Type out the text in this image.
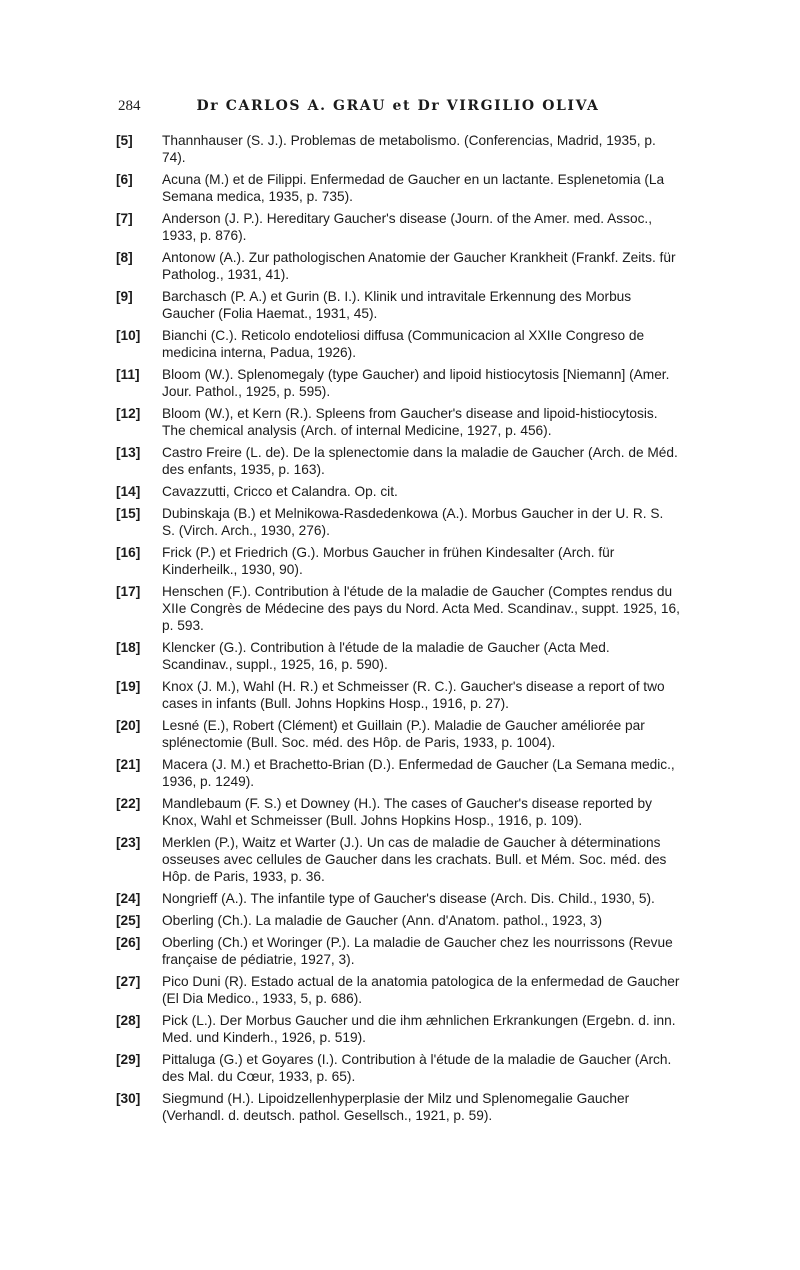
284	Dr CARLOS A. GRAU et Dr VIRGILIO OLIVA
[5] Thannhauser (S. J.). Problemas de metabolismo. (Conferencias, Madrid, 1935, p. 74).
[6] Acuna (M.) et de Filippi. Enfermedad de Gaucher en un lactante. Esplenetomia (La Semana medica, 1935, p. 735).
[7] Anderson (J. P.). Hereditary Gaucher's disease (Journ. of the Amer. med. Assoc., 1933, p. 876).
[8] Antonow (A.). Zur pathologischen Anatomie der Gaucher Krankheit (Frankf. Zeits. für Patholog., 1931, 41).
[9] Barchasch (P. A.) et Gurin (B. I.). Klinik und intravitale Erkennung des Morbus Gaucher (Folia Haemat., 1931, 45).
[10] Bianchi (C.). Reticolo endoteliosi diffusa (Communicacion al XXIIe Congreso de medicina interna, Padua, 1926).
[11] Bloom (W.). Splenomegaly (type Gaucher) and lipoid histiocytosis [Niemann] (Amer. Jour. Pathol., 1925, p. 595).
[12] Bloom (W.), et Kern (R.). Spleens from Gaucher's disease and lipoid-histiocytosis. The chemical analysis (Arch. of internal Medicine, 1927, p. 456).
[13] Castro Freire (L. de). De la splenectomie dans la maladie de Gaucher (Arch. de Méd. des enfants, 1935, p. 163).
[14] Cavazzutti, Cricco et Calandra. Op. cit.
[15] Dubinskaja (B.) et Melnikowa-Rasdedenkowa (A.). Morbus Gaucher in der U. R. S. S. (Virch. Arch., 1930, 276).
[16] Frick (P.) et Friedrich (G.). Morbus Gaucher in frühen Kindesalter (Arch. für Kinderheilk., 1930, 90).
[17] Henschen (F.). Contribution à l'étude de la maladie de Gaucher (Comptes rendus du XIIe Congrès de Médecine des pays du Nord. Acta Med. Scandinav., suppt. 1925, 16, p. 593.
[18] Klencker (G.). Contribution à l'étude de la maladie de Gaucher (Acta Med. Scandinav., suppl., 1925, 16, p. 590).
[19] Knox (J. M.), Wahl (H. R.) et Schmeisser (R. C.). Gaucher's disease a report of two cases in infants (Bull. Johns Hopkins Hosp., 1916, p. 27).
[20] Lesné (E.), Robert (Clément) et Guillain (P.). Maladie de Gaucher améliorée par splénectomie (Bull. Soc. méd. des Hôp. de Paris, 1933, p. 1004).
[21] Macera (J. M.) et Brachetto-Brian (D.). Enfermedad de Gaucher (La Semana medic., 1936, p. 1249).
[22] Mandlebaum (F. S.) et Downey (H.). The cases of Gaucher's disease reported by Knox, Wahl et Schmeisser (Bull. Johns Hopkins Hosp., 1916, p. 109).
[23] Merklen (P.), Waitz et Warter (J.). Un cas de maladie de Gaucher à déterminations osseuses avec cellules de Gaucher dans les crachats. Bull. et Mém. Soc. méd. des Hôp. de Paris, 1933, p. 36.
[24] Nongrieff (A.). The infantile type of Gaucher's disease (Arch. Dis. Child., 1930, 5).
[25] Oberling (Ch.). La maladie de Gaucher (Ann. d'Anatom. pathol., 1923, 3)
[26] Oberling (Ch.) et Woringer (P.). La maladie de Gaucher chez les nourrissons (Revue française de pédiatrie, 1927, 3).
[27] Pico Duni (R). Estado actual de la anatomia patologica de la enfermedad de Gaucher (El Dia Medico., 1933, 5, p. 686).
[28] Pick (L.). Der Morbus Gaucher und die ihm æhnlichen Erkrankungen (Ergebn. d. inn. Med. und Kinderh., 1926, p. 519).
[29] Pittaluga (G.) et Goyares (I.). Contribution à l'étude de la maladie de Gaucher (Arch. des Mal. du Cœur, 1933, p. 65).
[30] Siegmund (H.). Lipoidzellenhyperplasie der Milz und Splenomegalie Gaucher (Verhandl. d. deutsch. pathol. Gesellsch., 1921, p. 59).
